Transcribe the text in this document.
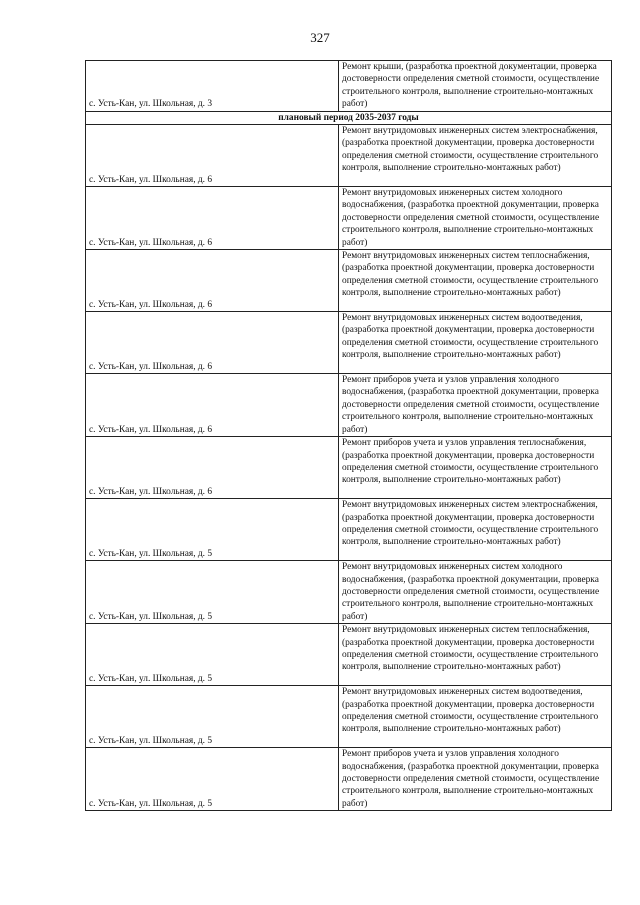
327
с. Усть-Кан, ул. Школьная, д. 3	Ремонт крыши, (разработка проектной документации, проверка достоверности определения сметной стоимости, осуществление строительного контроля, выполнение строительно-монтажных работ)
плановый период 2035-2037 годы	
с. Усть-Кан, ул. Школьная, д. 6	Ремонт внутридомовых инженерных систем электроснабжения, (разработка проектной документации, проверка достоверности определения сметной стоимости, осуществление строительного контроля, выполнение строительно-монтажных работ)
с. Усть-Кан, ул. Школьная, д. 6	Ремонт внутридомовых инженерных систем холодного водоснабжения, (разработка проектной документации, проверка достоверности определения сметной стоимости, осуществление строительного контроля, выполнение строительно-монтажных работ)
с. Усть-Кан, ул. Школьная, д. 6	Ремонт внутридомовых инженерных систем теплоснабжения, (разработка проектной документации, проверка достоверности определения сметной стоимости, осуществление строительного контроля, выполнение строительно-монтажных работ)
с. Усть-Кан, ул. Школьная, д. 6	Ремонт внутридомовых инженерных систем водоотведения, (разработка проектной документации, проверка достоверности определения сметной стоимости, осуществление строительного контроля, выполнение строительно-монтажных работ)
с. Усть-Кан, ул. Школьная, д. 6	Ремонт приборов учета и узлов управления холодного водоснабжения, (разработка проектной документации, проверка достоверности определения сметной стоимости, осуществление строительного контроля, выполнение строительно-монтажных работ)
с. Усть-Кан, ул. Школьная, д. 6	Ремонт приборов учета и узлов управления теплоснабжения, (разработка проектной документации, проверка достоверности определения сметной стоимости, осуществление строительного контроля, выполнение строительно-монтажных работ)
с. Усть-Кан, ул. Школьная, д. 5	Ремонт внутридомовых инженерных систем электроснабжения, (разработка проектной документации, проверка достоверности определения сметной стоимости, осуществление строительного контроля, выполнение строительно-монтажных работ)
с. Усть-Кан, ул. Школьная, д. 5	Ремонт внутридомовых инженерных систем холодного водоснабжения, (разработка проектной документации, проверка достоверности определения сметной стоимости, осуществление строительного контроля, выполнение строительно-монтажных работ)
с. Усть-Кан, ул. Школьная, д. 5	Ремонт внутридомовых инженерных систем теплоснабжения, (разработка проектной документации, проверка достоверности определения сметной стоимости, осуществление строительного контроля, выполнение строительно-монтажных работ)
с. Усть-Кан, ул. Школьная, д. 5	Ремонт внутридомовых инженерных систем водоотведения, (разработка проектной документации, проверка достоверности определения сметной стоимости, осуществление строительного контроля, выполнение строительно-монтажных работ)
с. Усть-Кан, ул. Школьная, д. 5	Ремонт приборов учета и узлов управления холодного водоснабжения, (разработка проектной документации, проверка достоверности определения сметной стоимости, осуществление строительного контроля, выполнение строительно-монтажных работ)
